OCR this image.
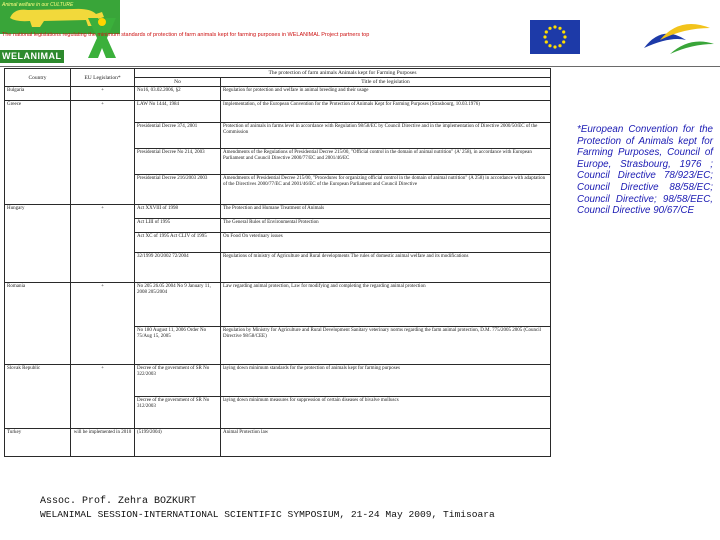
Animal welfare in our CULTURE
WELANIMAL
The national legislations regulating the minimum standards of protection of farm animals kept for farming purposes in WELANIMAL Project partners top
Country	EU Legislation*	The protection of farm animals Animals kept for Farming Purposes	
		No	Title of the legislation
Bulgaria	+	No16, 03.02.2006, §2	Regulation for protection and welfare in animal breeding and their usage
Greece	+	LAW No 1444, 1984	Implementation, of the European Convention for the Protection of Animals Kept for Farming Purposes (Strasbourg, 10.03.1976)
		Presidential Decree 374, 2001	Protection of animals in farms level in accordance with Regulation 98/58/EC by Council Directive and in the implementation of Directive 2000/50/EC of the Commission
		Presidential Decree No 214, 2003	Amendments of the Regulations of Presidential Decree 215/00, "Official control in the domain of animal nutrition" (A' 258), in accordance with European Parliament and Council Directive 2000/77/EC and 2001/46/EC
		Presidential Decree 216/2003 2003	Amendments of Presidential Decree 215/00, "Procedures for organizing official control in the domain of animal nutrition" (A 258) in accordance with adaptation of the Directives 2000/77/EC and 2001/46/EC of the European Parliament and Council Directive
Hungary	+	Act XXVIII of 1998	The Protection and Humane Treatment of Animals
		Act LIII of 1995	The General Rules of Environmental Protection
		Act XC of 1995 Act CLIV of 1995	On Food On veterinary issues
		32/1999 20/2002 72/2004	Regulations of ministry of Agriculture and Rural developments The rules of domestic animal welfare and its modifications
Romania	+	No 205 26.05 2004 No 9 January 11, 2008 205/2004	Law regarding animal protection, Law for modifying and completing the regarding animal protection
		No 180 August 11, 2006 Order No 75/Aug 15, 2005	Regulation by Ministry for Agriculture and Rural Development Sanitary veterinary norms regarding the farm animal protection, D.M. 775/2005 2005 (Council Directive 98/58/CEE)
Slovak Republic	+	Decree of the government of SR No 322/2003	laying down minimum standards for the protection of animals kept for farming purposes
		Decree of the government of SR No 312/2003	laying down minimum measures for suppression of certain diseases of bivalve molluscs
Turkey	will be implemented in 2010	(5199/2004)	Animal Protection law
*European Convention for the Protection of Animals kept for Farming Purposes, Council of Europe, Strasbourg, 1976 ; Council Directive 78/923/EC; Council Directive 88/58/EC; Council Directive; 98/58/EEC, Council Directive 90/67/CE
Assoc. Prof. Zehra BOZKURT
WELANIMAL SESSION-INTERNATIONAL SCIENTIFIC SYMPOSIUM, 21-24 May 2009, Timisoara
